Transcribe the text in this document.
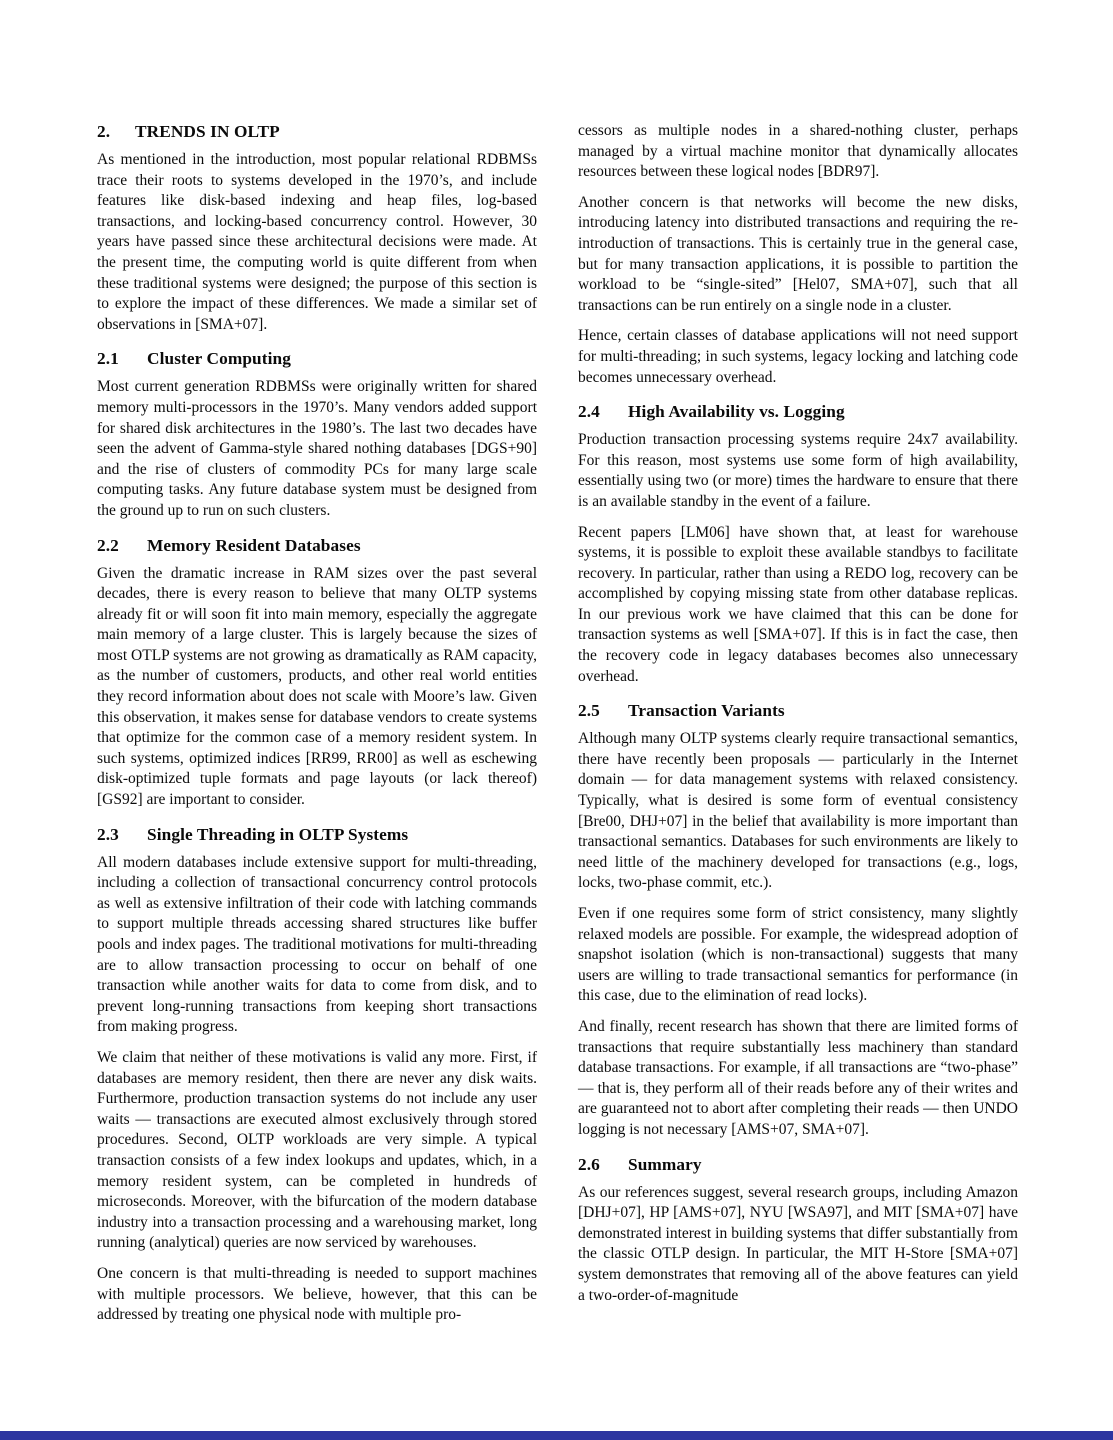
2.	TRENDS IN OLTP

As mentioned in the introduction, most popular relational RDBMSs trace their roots to systems developed in the 1970’s, and include features like disk-based indexing and heap files, log-based transactions, and locking-based concurrency control. However, 30 years have passed since these architectural decisions were made. At the present time, the computing world is quite different from when these traditional systems were designed; the purpose of this section is to explore the impact of these differences. We made a similar set of observations in [SMA+07].

2.1	Cluster Computing

Most current generation RDBMSs were originally written for shared memory multi-processors in the 1970’s. Many vendors added support for shared disk architectures in the 1980’s. The last two decades have seen the advent of Gamma-style shared nothing databases [DGS+90] and the rise of clusters of commodity PCs for many large scale computing tasks. Any future database system must be designed from the ground up to run on such clusters.

2.2	Memory Resident Databases

Given the dramatic increase in RAM sizes over the past several decades, there is every reason to believe that many OLTP systems already fit or will soon fit into main memory, especially the aggregate main memory of a large cluster. This is largely because the sizes of most OTLP systems are not growing as dramatically as RAM capacity, as the number of customers, products, and other real world entities they record information about does not scale with Moore’s law. Given this observation, it makes sense for database vendors to create systems that optimize for the common case of a memory resident system. In such systems, optimized indices [RR99, RR00] as well as eschewing disk-optimized tuple formats and page layouts (or lack thereof) [GS92] are important to consider.

2.3	Single Threading in OLTP Systems

All modern databases include extensive support for multi-threading, including a collection of transactional concurrency control protocols as well as extensive infiltration of their code with latching commands to support multiple threads accessing shared structures like buffer pools and index pages. The traditional motivations for multi-threading are to allow transaction processing to occur on behalf of one transaction while another waits for data to come from disk, and to prevent long-running transactions from keeping short transactions from making progress.

We claim that neither of these motivations is valid any more. First, if databases are memory resident, then there are never any disk waits. Furthermore, production transaction systems do not include any user waits — transactions are executed almost exclusively through stored procedures. Second, OLTP workloads are very simple. A typical transaction consists of a few index lookups and updates, which, in a memory resident system, can be completed in hundreds of microseconds. Moreover, with the bifurcation of the modern database industry into a transaction processing and a warehousing market, long running (analytical) queries are now serviced by warehouses.

One concern is that multi-threading is needed to support machines with multiple processors. We believe, however, that this can be addressed by treating one physical node with multiple pro-

cessors as multiple nodes in a shared-nothing cluster, perhaps managed by a virtual machine monitor that dynamically allocates resources between these logical nodes [BDR97].

Another concern is that networks will become the new disks, introducing latency into distributed transactions and requiring the re-introduction of transactions. This is certainly true in the general case, but for many transaction applications, it is possible to partition the workload to be “single-sited” [Hel07, SMA+07], such that all transactions can be run entirely on a single node in a cluster.

Hence, certain classes of database applications will not need support for multi-threading; in such systems, legacy locking and latching code becomes unnecessary overhead.

2.4	High Availability vs. Logging

Production transaction processing systems require 24x7 availability. For this reason, most systems use some form of high availability, essentially using two (or more) times the hardware to ensure that there is an available standby in the event of a failure.

Recent papers [LM06] have shown that, at least for warehouse systems, it is possible to exploit these available standbys to facilitate recovery. In particular, rather than using a REDO log, recovery can be accomplished by copying missing state from other database replicas. In our previous work we have claimed that this can be done for transaction systems as well [SMA+07]. If this is in fact the case, then the recovery code in legacy databases becomes also unnecessary overhead.

2.5	Transaction Variants

Although many OLTP systems clearly require transactional semantics, there have recently been proposals — particularly in the Internet domain — for data management systems with relaxed consistency. Typically, what is desired is some form of eventual consistency [Bre00, DHJ+07] in the belief that availability is more important than transactional semantics. Databases for such environments are likely to need little of the machinery developed for transactions (e.g., logs, locks, two-phase commit, etc.).

Even if one requires some form of strict consistency, many slightly relaxed models are possible. For example, the widespread adoption of snapshot isolation (which is non-transactional) suggests that many users are willing to trade transactional semantics for performance (in this case, due to the elimination of read locks).

And finally, recent research has shown that there are limited forms of transactions that require substantially less machinery than standard database transactions. For example, if all transactions are “two-phase” — that is, they perform all of their reads before any of their writes and are guaranteed not to abort after completing their reads — then UNDO logging is not necessary [AMS+07, SMA+07].

2.6	Summary

As our references suggest, several research groups, including Amazon [DHJ+07], HP [AMS+07], NYU [WSA97], and MIT [SMA+07] have demonstrated interest in building systems that differ substantially from the classic OTLP design. In particular, the MIT H-Store [SMA+07] system demonstrates that removing all of the above features can yield a two-order-of-magnitude
